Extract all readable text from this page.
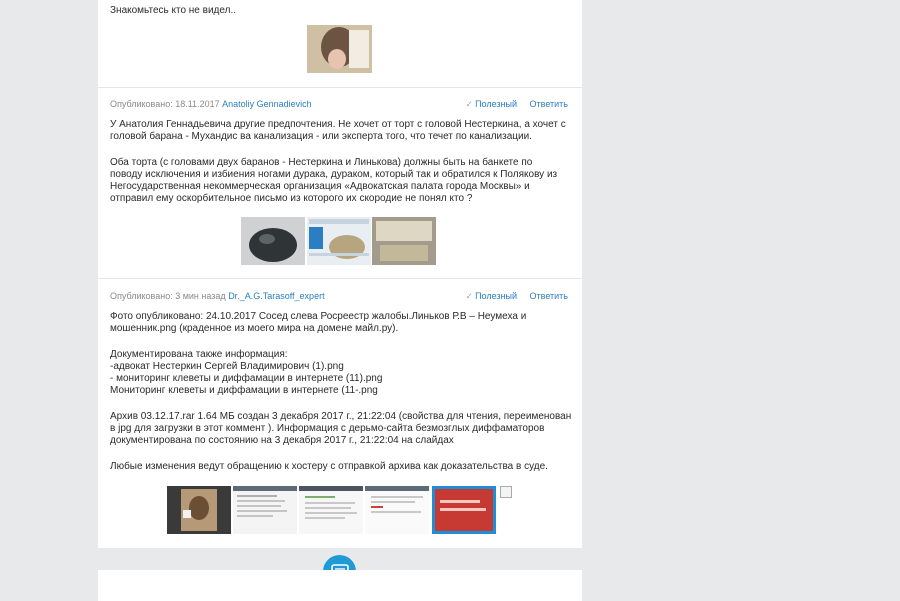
Знакомьтесь кто не видел..
Опубликовано: 18.11.2017 Anatoliy Gennadievich	✓ Полезный Ответить
У Анатолия Геннадьевича другие предпочтения. Не хочет от торт с головой Нестеркина, а хочет с
головой барана - Мухандис ва канализация - или эксперта того, что течет по канализации.
Оба торта (с головами двух баранов - Нестеркина и Линькова) должны быть на банкете по
поводу исключения и избиения ногами дурака, дураком, который так и обратился к Полякову из
Негосударственная некоммерческая организация «Адвокатская палата города Москвы» и
отправил ему оскорбительное письмо из которого их скородие не понял кто ?
Опубликовано: 3 мин назад Dr._A.G.Tarasoff_expert	✓ Полезный Ответить
Фото опубликовано: 24.10.2017 Сосед слева Росреестр жалобы.Линьков Р.В – Неумеха и
мошенник.png (краденное из моего мира на домене майл.ру).
Документирована также информация:
-адвокат Нестеркин Сергей Владимирович (1).png
- мониторинг клеветы и диффамации в интернете (11).png
Мониторинг клеветы и диффамации в интернете (11-.png
Архив 03.12.17.rar 1.64 МБ создан 3 декабря 2017 г., 21:22:04 (свойства для чтения, переименован
в jpg для загрузки в этот коммент ). Информация с дерьмо-сайта безмозглых диффаматоров
документирована по состоянию на 3 декабря 2017 г., 21:22:04 на слайдах
Любые изменения ведут обращению к хостеру с отправкой архива как доказательства в суде.
